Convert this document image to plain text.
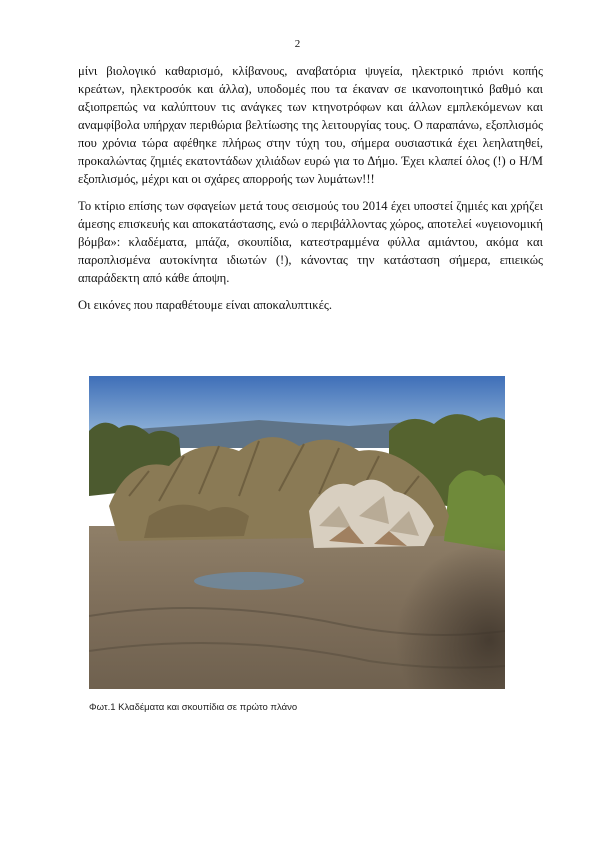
2

μίνι βιολογικό καθαρισμό, κλίβανους, αναβατόρια ψυγεία, ηλεκτρικό πριόνι κοπής κρεάτων, ηλεκτροσόκ και άλλα), υποδομές που τα έκαναν σε ικανοποιητικό βαθμό και αξιοπρεπώς να καλύπτουν τις ανάγκες των κτηνοτρόφων και άλλων εμπλεκόμενων και αναμφίβολα υπήρχαν περιθώρια βελτίωσης της λειτουργίας τους. Ο παραπάνω, εξοπλισμός που χρόνια τώρα αφέθηκε πλήρως στην τύχη του, σήμερα ουσιαστικά έχει λεηλατηθεί, προκαλώντας ζημιές εκατοντάδων χιλιάδων ευρώ για το Δήμο. Έχει κλαπεί όλος (!) ο Η/Μ εξοπλισμός, μέχρι και οι σχάρες απορροής των λυμάτων!!!

Το κτίριο επίσης των σφαγείων μετά τους σεισμούς του 2014 έχει υποστεί ζημιές και χρήζει άμεσης επισκευής και αποκατάστασης, ενώ ο περιβάλλοντας χώρος, αποτελεί «υγειονομική βόμβα»: κλαδέματα, μπάζα, σκουπίδια, κατεστραμμένα φύλλα αμιάντου, ακόμα και παροπλισμένα αυτοκίνητα ιδιωτών (!), κάνοντας την κατάσταση σήμερα, επιεικώς απαράδεκτη από κάθε άποψη.

Οι εικόνες που παραθέτουμε είναι αποκαλυπτικές.

Φωτ.1 Κλαδέματα και σκουπίδια σε πρώτο πλάνο
